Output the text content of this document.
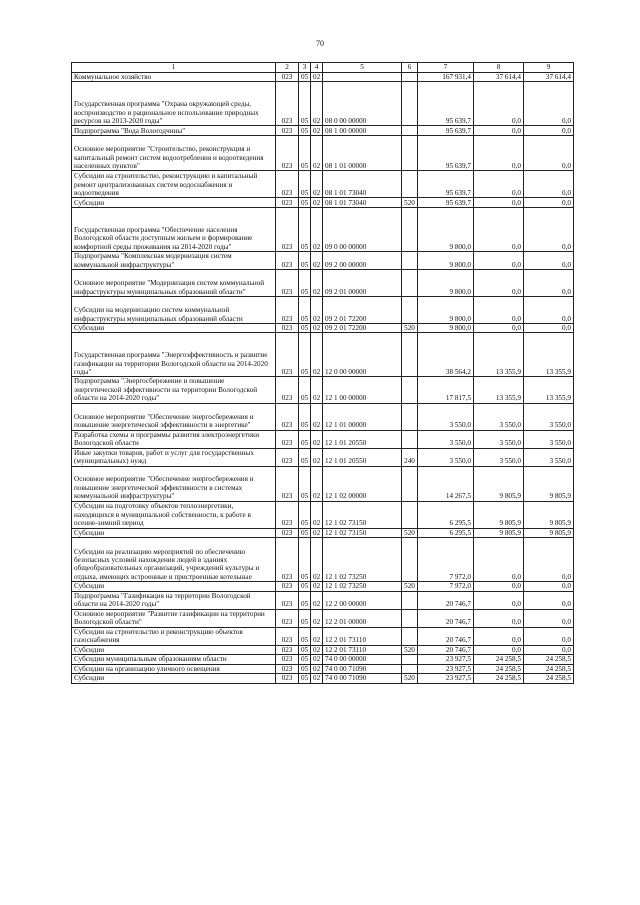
70
1	2	3	4	5	6	7	8	9
Коммунальное хозяйство	023	05	02			167 931,4	37 614,4	37 614,4
Государственная программа "Охрана окружающей среды, воспроизводство и рациональное использование природных ресурсов на 2013-2020 годы"	023	05	02	08 0 00 00000		95 639,7	0,0	0,0
Подпрограмма "Вода Вологодчины"	023	05	02	08 1 00 00000		95 639,7	0,0	0,0
Основное мероприятие "Строительство, реконструкция и капитальный ремонт систем водоотребления и водоотведения населенных пунктов"	023	05	02	08 1 01 00000		95 639,7	0,0	0,0
Субсидии на строительство, реконструкцию и капитальный ремонт централизованных систем водоснабжения и водоотведения	023	05	02	08 1 01 73040		95 639,7	0,0	0,0
Субсидии	023	05	02	08 1 01 73040	520	95 639,7	0,0	0,0
Государственная программа "Обеспечение населения Вологодской области доступным жильем и формирование комфортной среды проживания на 2014-2020 годы"	023	05	02	09 0 00 00000		9 800,0	0,0	0,0
Подпрограмма "Комплексная модернизация систем коммунальной инфраструктуры"	023	05	02	09 2 00 00000		9 800,0	0,0	0,0
Основное мероприятие "Модернизация систем коммунальной инфраструктуры муниципальных образований области"	023	05	02	09 2 01 00000		9 800,0	0,0	0,0
Субсидии на модернизацию систем коммунальной инфраструктуры муниципальных образований области	023	05	02	09 2 01 72200		9 800,0	0,0	0,0
Субсидии	023	05	02	09 2 01 72200	520	9 800,0	0,0	0,0
Государственная программа "Энергоэффективность и развитие газификации на территории Вологодской области на 2014-2020 годы"	023	05	02	12 0 00 00000		38 564,2	13 355,9	13 355,9
Подпрограмма "Энергосбережение и повышение энергетической эффективности на территории Вологодской области на 2014-2020 годы"	023	05	02	12 1 00 00000		17 817,5	13 355,9	13 355,9
Основное мероприятие "Обеспечение энергосбережения и повышение энергетической эффективности в энергетике"	023	05	02	12 1 01 00000		3 550,0	3 550,0	3 550,0
Разработка схемы и программы развития электроэнергетики Вологодской области	023	05	02	12 1 01 20550		3 550,0	3 550,0	3 550,0
Иные закупки товаров, работ и услуг для государственных (муниципальных) нужд	023	05	02	12 1 01 20550	240	3 550,0	3 550,0	3 550,0
Основное мероприятие "Обеспечение энергосбережения и повышение энергетической эффективности в системах коммунальной инфраструктуры"	023	05	02	12 1 02 00000		14 267,5	9 805,9	9 805,9
Субсидии на подготовку объектов теплоэнергетики, находящихся в муниципальной собственности, к работе в осенне-зимний период	023	05	02	12 1 02 73150		6 295,5	9 805,9	9 805,9
Субсидии	023	05	02	12 1 02 73150	520	6 295,5	9 805,9	9 805,9
Субсидии на реализацию мероприятий по обеспечению безопасных условий нахождения людей в зданиях общеобразовательных организаций, учреждений культуры и отдыха, имеющих встроенные и пристроенные котельные	023	05	02	12 1 02 73250		7 972,0	0,0	0,0
Субсидии	023	05	02	12 1 02 73250	520	7 972,0	0,0	0,0
Подпрограмма "Газификация на территории Вологодской области на 2014-2020 годы"	023	05	02	12 2 00 00000		20 746,7	0,0	0,0
Основное мероприятие "Развитие газификации на территории Вологодской области"	023	05	02	12 2 01 00000		20 746,7	0,0	0,0
Субсидии на строительство и реконструкцию объектов газоснабжения	023	05	02	12 2 01 73110		20 746,7	0,0	0,0
Субсидии	023	05	02	12 2 01 73110	520	20 746,7	0,0	0,0
Субсидии муниципальным образованиям области	023	05	02	74 0 00 00000		23 927,5	24 258,5	24 258,5
Субсидии на организацию уличного освещения	023	05	02	74 0 00 71090		23 927,5	24 258,5	24 258,5
Субсидии	023	05	02	74 0 00 71090	520	23 927,5	24 258,5	24 258,5
